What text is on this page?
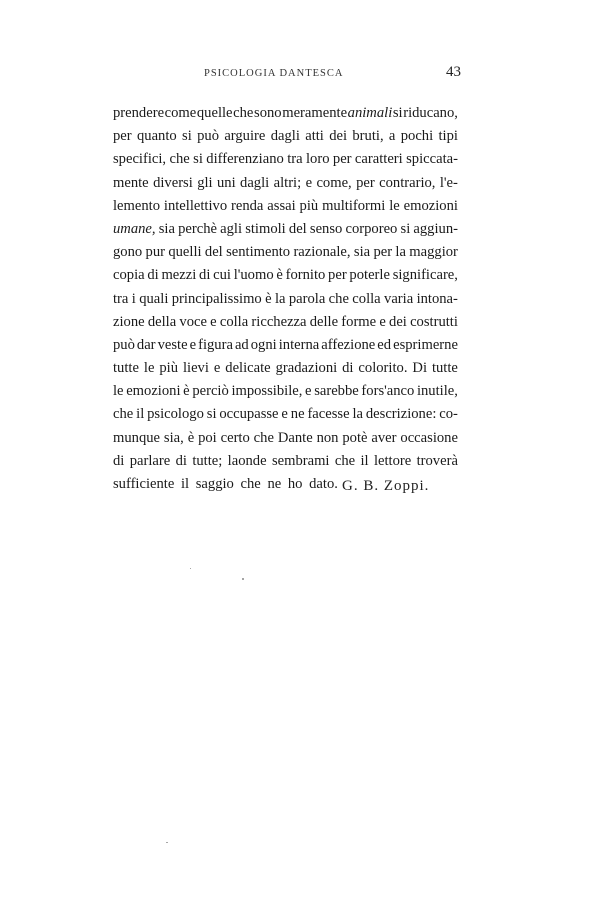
PSICOLOGIA DANTESCA	43
prendere come quelle che sono meramente animali si riducano,
per quanto si può arguire dagli atti dei bruti, a pochi tipi
specifici, che si differenziano tra loro per caratteri spiccata-
mente diversi gli uni dagli altri; e come, per contrario, l'e-
lemento intellettivo renda assai più multiformi le emozioni
umane, sia perchè agli stimoli del senso corporeo si aggiun-
gono pur quelli del sentimento razionale, sia per la maggior
copia di mezzi di cui l'uomo è fornito per poterle significare,
tra i quali principalissimo è la parola che colla varia intona-
zione della voce e colla ricchezza delle forme e dei costrutti
può dar veste e figura ad ogni interna affezione ed esprimerne
tutte le più lievi e delicate gradazioni di colorito. Di tutte
le emozioni è perciò impossibile, e sarebbe fors'anco inutile,
che il psicologo si occupasse e ne facesse la descrizione: co-
munque sia, è poi certo che Dante non potè aver occasione
di parlare di tutte; laonde sembrami che il lettore troverà
sufficiente
il
saggio
che
ne
ho
dato. G. B. Zoppi.
